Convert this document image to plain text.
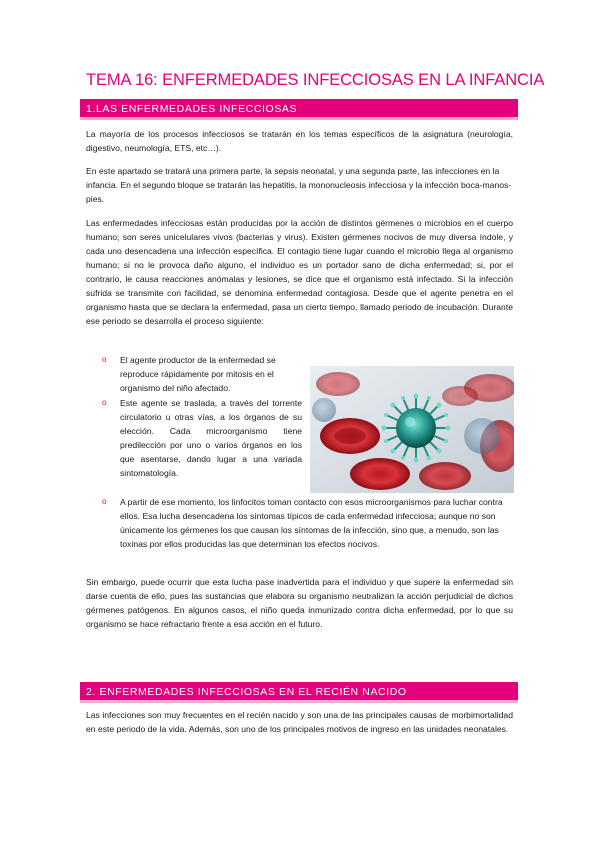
TEMA 16: ENFERMEDADES INFECCIOSAS EN LA INFANCIA
1.LAS ENFERMEDADES INFECCIOSAS

La mayoría de los procesos infecciosos se tratarán en los temas específicos de la asignatura (neurología, digestivo, neumología, ETS, etc…).

En este apartado se tratará una primera parte, la sepsis neonatal, y una segunda parte, las infecciones en la infancia. En el segundo bloque se tratarán las hepatitis, la mononucleosis infecciosa y la infección boca-manos-pies.

Las enfermedades infecciosas están producidas por la acción de distintos gérmenes o microbios en el cuerpo humano; son seres unicelulares vivos (bacterias y virus). Existen gérmenes nocivos de muy diversa índole, y cada uno desencadena una infección específica. El contagio tiene lugar cuando el microbio llega al organismo humano; si no le provoca daño alguno, el individuo es un portador sano de dicha enfermedad; si, por el contrario, le causa reacciones anómalas y lesiones, se dice que el organismo está infectado. Si la infección sufrida se transmite con facilidad, se denomina enfermedad contagiosa. Desde que el agente penetra en el organismo hasta que se declara la enfermedad, pasa un cierto tiempo, llamado periodo de incubación. Durante ese periodo se desarrolla el proceso siguiente:

o El agente productor de la enfermedad se reproduce rápidamente por mitosis en el organismo del niño afectado.
o Este agente se traslada, a través del torrente circulatorio u otras vías, a los órganos de su elección. Cada microorganismo tiene predilección por uno o varios órganos en los que asentarse, dando lugar a una variada sintomatología.
o A partir de ese momento, los linfocitos toman contacto con esos microorganismos para luchar contra ellos. Esa lucha desencadena los síntomas típicos de cada enfermedad infecciosa; aunque no son únicamente los gérmenes los que causan los síntomas de la infección, sino que, a menudo, son las toxinas por ellos producidas las que determinan los efectos nocivos.

Sin embargo, puede ocurrir que esta lucha pase inadvertida para el individuo y que supere la enfermedad sin darse cuenta de ello, pues las sustancias que elabora su organismo neutralizan la acción perjudicial de dichos gérmenes patógenos. En algunos casos, el niño queda inmunizado contra dicha enfermedad, por lo que su organismo se hace refractario frente a esa acción en el futuro.

2. ENFERMEDADES INFECCIOSAS EN EL RECIÉN NACIDO

Las infecciones son muy frecuentes en el recién nacido y son una de las principales causas de morbimortalidad en este periodo de la vida. Además, son uno de los principales motivos de ingreso en las unidades neonatales.
